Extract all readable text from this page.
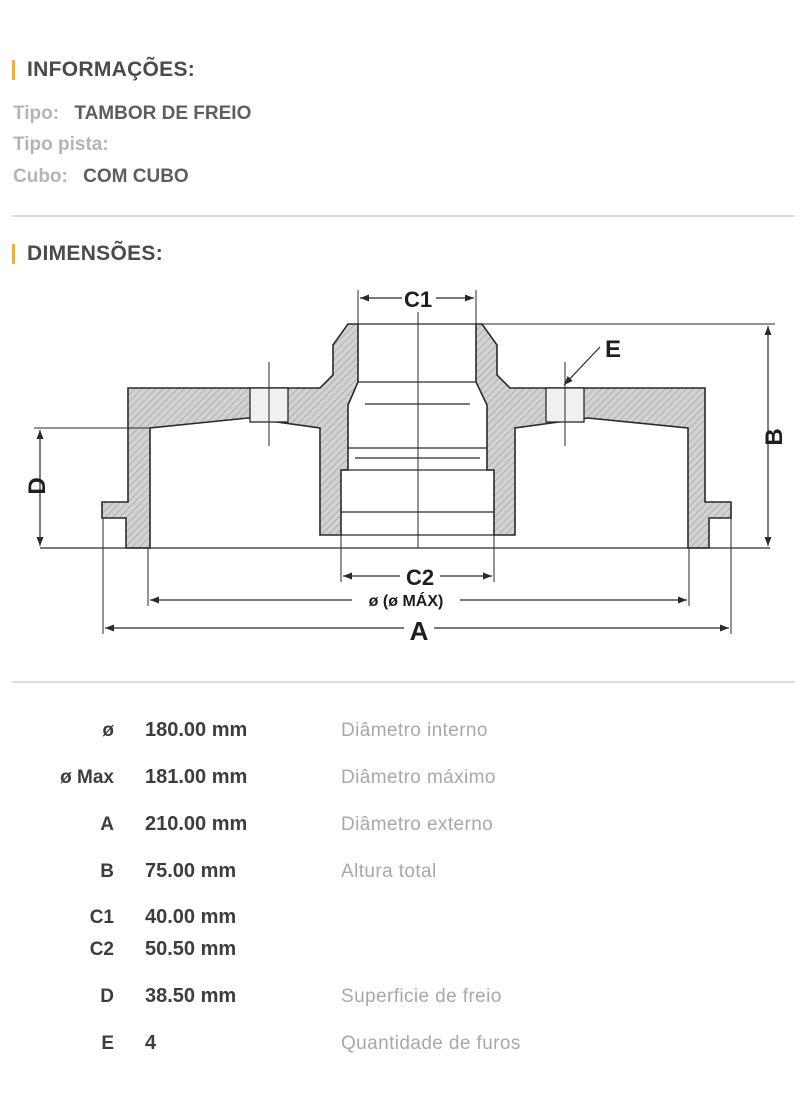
INFORMAÇÕES:
Tipo: TAMBOR DE FREIO
Tipo pista:
Cubo: COM CUBO
DIMENSÕES:
C1
E
B
D
C2
ø (ø MÁX)
A
ø 180.00 mm	Diâmetro interno
ø Max 181.00 mm	Diâmetro máximo
A 210.00 mm	Diâmetro externo
B 75.00 mm	Altura total
C1 40.00 mm
C2 50.50 mm
D 38.50 mm	Superficie de freio
E 4	Quantidade de furos
